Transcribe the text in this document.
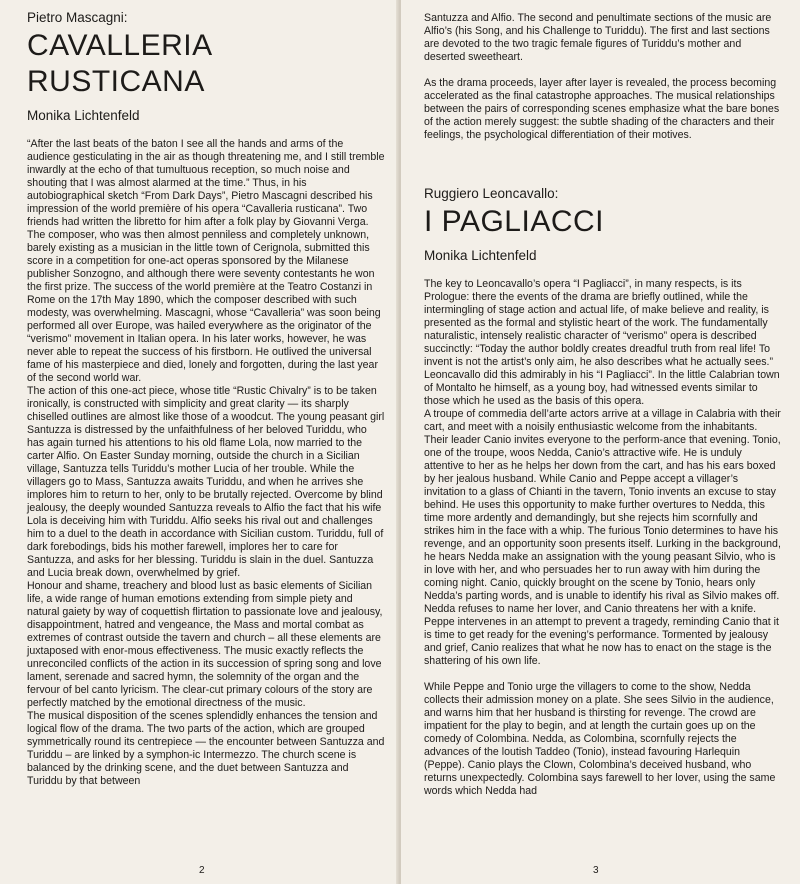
Pietro Mascagni:

CAVALLERIA RUSTICANA

Monika Lichtenfeld

“After the last beats of the baton I see all the hands and arms of the audience gesticulating in the air as though threatening me, and I still tremble inwardly at the echo of that tumultuous reception, so much noise and shouting that I was almost alarmed at the time.” Thus, in his autobiographical sketch “From Dark Days”, Pietro Mascagni described his impression of the world première of his opera “Cavalleria rusticana”. Two friends had written the libretto for him after a folk play by Giovanni Verga. The composer, who was then almost penniless and completely unknown, barely existing as a musician in the little town of Cerignola, submitted this score in a competition for one-act operas sponsored by the Milanese publisher Sonzogno, and although there were seventy contestants he won the first prize. The success of the world première at the Teatro Costanzi in Rome on the 17th May 1890, which the composer described with such modesty, was overwhelming. Mascagni, whose “Cavalleria” was soon being performed all over Europe, was hailed everywhere as the originator of the “verismo” movement in Italian opera. In his later works, however, he was never able to repeat the success of his firstborn. He outlived the universal fame of his masterpiece and died, lonely and forgotten, during the last year of the second world war.

The action of this one-act piece, whose title “Rustic Chivalry” is to be taken ironically, is constructed with simplicity and great clarity — its sharply chiselled outlines are almost like those of a woodcut. The young peasant girl Santuzza is distressed by the unfaithfulness of her beloved Turiddu, who has again turned his attentions to his old flame Lola, now married to the carter Alfio. On Easter Sunday morning, outside the church in a Sicilian village, Santuzza tells Turiddu’s mother Lucia of her trouble. While the villagers go to Mass, Santuzza awaits Turiddu, and when he arrives she implores him to return to her, only to be brutally rejected. Overcome by blind jealousy, the deeply wounded Santuzza reveals to Alfio the fact that his wife Lola is deceiving him with Turiddu. Alfio seeks his rival out and challenges him to a duel to the death in accordance with Sicilian custom. Turiddu, full of dark forebodings, bids his mother farewell, implores her to care for Santuzza, and asks for her blessing. Turiddu is slain in the duel. Santuzza and Lucia break down, overwhelmed by grief.

Honour and shame, treachery and blood lust as basic elements of Sicilian life, a wide range of human emotions extending from simple piety and natural gaiety by way of coquettish flirtation to passionate love and jealousy, disappointment, hatred and vengeance, the Mass and mortal combat as extremes of contrast outside the tavern and church – all these elements are juxtaposed with enor-mous effectiveness. The music exactly reflects the unreconciled conflicts of the action in its succession of spring song and love lament, serenade and sacred hymn, the solemnity of the organ and the fervour of bel canto lyricism. The clear-cut primary colours of the story are perfectly matched by the emotional directness of the music.

The musical disposition of the scenes splendidly enhances the tension and logical flow of the drama. The two parts of the action, which are grouped symmetrically round its centrepiece — the encounter between Santuzza and Turiddu – are linked by a symphon-ic Intermezzo. The church scene is balanced by the drinking scene, and the duet between Santuzza and Turiddu by that between

2

Santuzza and Alfio. The second and penultimate sections of the music are Alfio’s (his Song, and his Challenge to Turiddu). The first and last sections are devoted to the two tragic female figures of Turiddu’s mother and deserted sweetheart.

As the drama proceeds, layer after layer is revealed, the process becoming accelerated as the final catastrophe approaches. The musical relationships between the pairs of corresponding scenes emphasize what the bare bones of the action merely suggest: the subtle shading of the characters and their feelings, the psychological differentiation of their motives.

Ruggiero Leoncavallo:

I PAGLIACCI

Monika Lichtenfeld

The key to Leoncavallo’s opera “I Pagliacci”, in many respects, is its Prologue: there the events of the drama are briefly outlined, while the intermingling of stage action and actual life, of make believe and reality, is presented as the formal and stylistic heart of the work. The fundamentally naturalistic, intensely realistic character of “verismo” opera is described succinctly: “Today the author boldly creates dreadful truth from real life! To invent is not the artist’s only aim, he also describes what he actually sees.” Leoncavallo did this admirably in his “I Pagliacci”. In the little Calabrian town of Montalto he himself, as a young boy, had witnessed events similar to those which he used as the basis of this opera.

A troupe of commedia dell’arte actors arrive at a village in Calabria with their cart, and meet with a noisily enthusiastic welcome from the inhabitants. Their leader Canio invites everyone to the perform-ance that evening. Tonio, one of the troupe, woos Nedda, Canio’s attractive wife. He is unduly attentive to her as he helps her down from the cart, and has his ears boxed by her jealous husband. While Canio and Peppe accept a villager’s invitation to a glass of Chianti in the tavern, Tonio invents an excuse to stay behind. He uses this opportunity to make further overtures to Nedda, this time more ardently and demandingly, but she rejects him scornfully and strikes him in the face with a whip. The furious Tonio determines to have his revenge, and an opportunity soon presents itself. Lurking in the background, he hears Nedda make an assignation with the young peasant Silvio, who is in love with her, and who persuades her to run away with him during the coming night. Canio, quickly brought on the scene by Tonio, hears only Nedda’s parting words, and is unable to identify his rival as Silvio makes off. Nedda refuses to name her lover, and Canio threatens her with a knife. Peppe intervenes in an attempt to prevent a tragedy, reminding Canio that it is time to get ready for the evening’s performance. Tormented by jealousy and grief, Canio realizes that what he now has to enact on the stage is the shattering of his own life.

While Peppe and Tonio urge the villagers to come to the show, Nedda collects their admission money on a plate. She sees Silvio in the audience, and warns him that her husband is thirsting for revenge. The crowd are impatient for the play to begin, and at length the curtain goes up on the comedy of Colombina. Nedda, as Colombina, scornfully rejects the advances of the loutish Taddeo (Tonio), instead favouring Harlequin (Peppe). Canio plays the Clown, Colombina’s deceived husband, who returns unexpectedly. Colombina says farewell to her lover, using the same words which Nedda had

3
